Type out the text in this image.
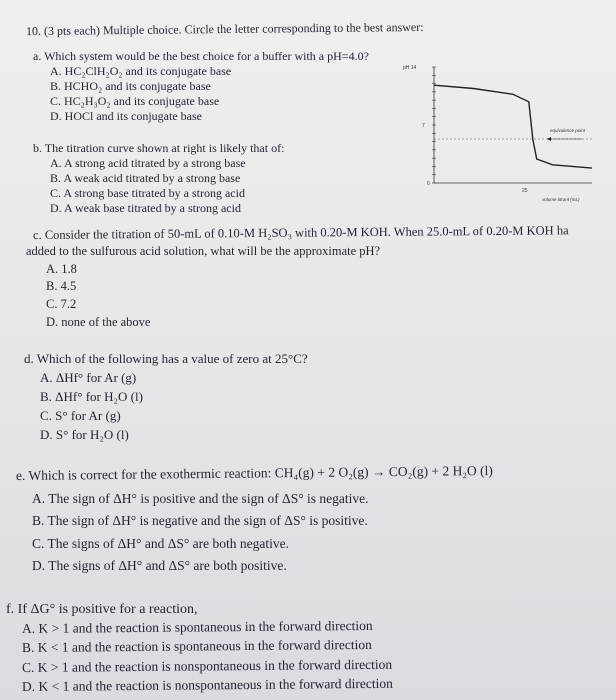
10. (3 pts each) Multiple choice. Circle the letter corresponding to the best answer:
a. Which system would be the best choice for a buffer with a pH=4.0?
A. HC₂ClH₂O₂ and its conjugate base
B. HCHO₂ and its conjugate base
C. HC₂H₃O₂ and its conjugate base
D. HOCl and its conjugate base
pH 14
7
0
25
volume titrant (mL)
equivalence point
b. The titration curve shown at right is likely that of:
A. A strong acid titrated by a strong base
B. A weak acid titrated by a strong base
C. A strong base titrated by a strong acid
D. A weak base titrated by a strong acid
c. Consider the titration of 50-mL of 0.10-M H₂SO₃ with 0.20-M KOH. When 25.0-mL of 0.20-M KOH ha
added to the sulfurous acid solution, what will be the approximate pH?
A. 1.8
B. 4.5
C. 7.2
D. none of the above
d. Which of the following has a value of zero at 25°C?
A. ΔHf° for Ar (g)
B. ΔHf° for H₂O (l)
C. S° for Ar (g)
D. S° for H₂O (l)
e. Which is correct for the exothermic reaction: CH₄(g) + 2 O₂(g) → CO₂(g) + 2 H₂O (l)
A. The sign of ΔH° is positive and the sign of ΔS° is negative.
B. The sign of ΔH° is negative and the sign of ΔS° is positive.
C. The signs of ΔH° and ΔS° are both negative.
D. The signs of ΔH° and ΔS° are both positive.
f. If ΔG° is positive for a reaction,
A. K > 1 and the reaction is spontaneous in the forward direction
B. K < 1 and the reaction is spontaneous in the forward direction
C. K > 1 and the reaction is nonspontaneous in the forward direction
D. K < 1 and the reaction is nonspontaneous in the forward direction
